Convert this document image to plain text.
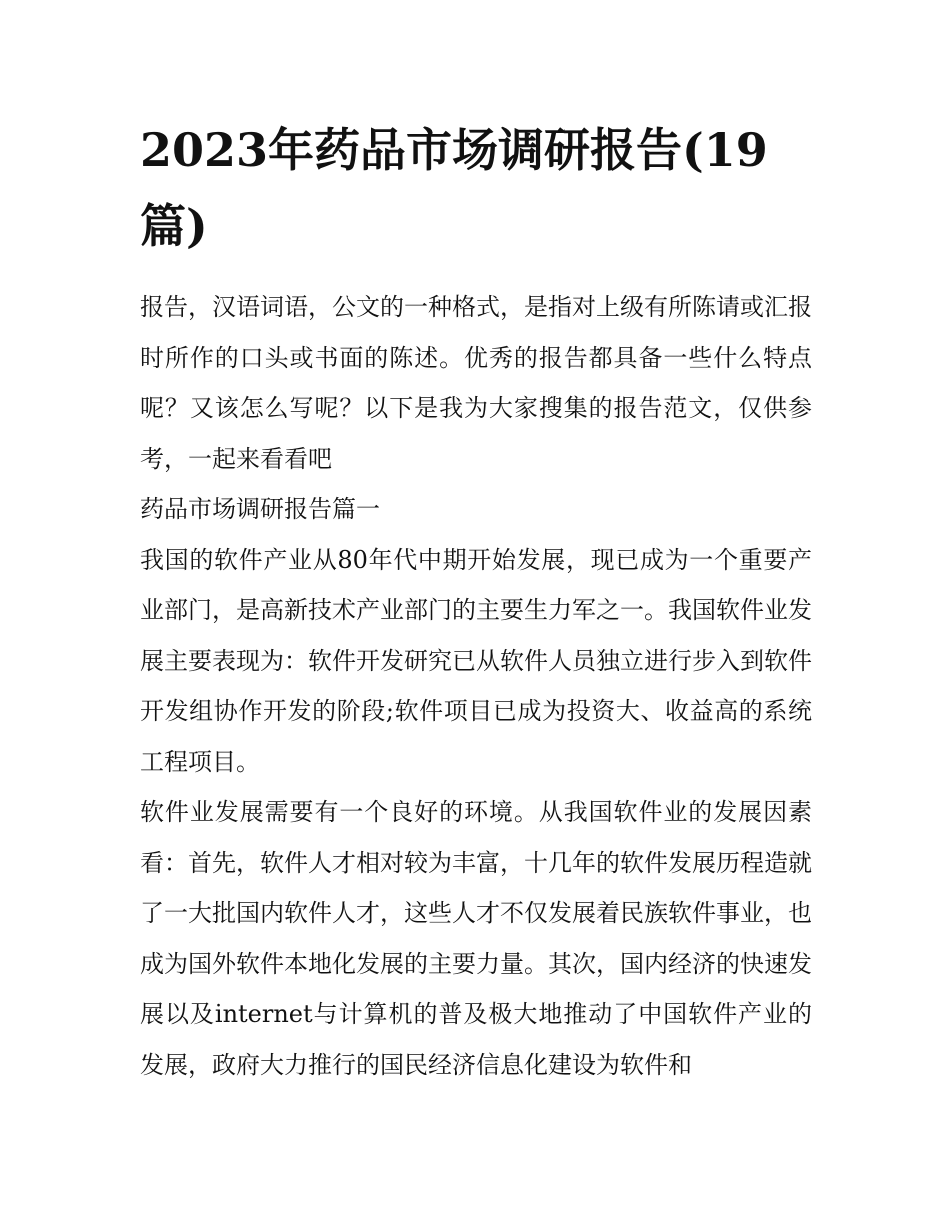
2023年药品市场调研报告(19篇)

报告，汉语词语，公文的一种格式，是指对上级有所陈请或汇报时所作的口头或书面的陈述。优秀的报告都具备一些什么特点呢？又该怎么写呢？以下是我为大家搜集的报告范文，仅供参考，一起来看看吧

药品市场调研报告篇一

我国的软件产业从80年代中期开始发展，现已成为一个重要产业部门，是高新技术产业部门的主要生力军之一。我国软件业发展主要表现为：软件开发研究已从软件人员独立进行步入到软件开发组协作开发的阶段;软件项目已成为投资大、收益高的系统工程项目。

软件业发展需要有一个良好的环境。从我国软件业的发展因素看：首先，软件人才相对较为丰富，十几年的软件发展历程造就了一大批国内软件人才，这些人才不仅发展着民族软件事业，也成为国外软件本地化发展的主要力量。其次，国内经济的快速发展以及internet与计算机的普及极大地推动了中国软件产业的发展，政府大力推行的国民经济信息化建设为软件和
